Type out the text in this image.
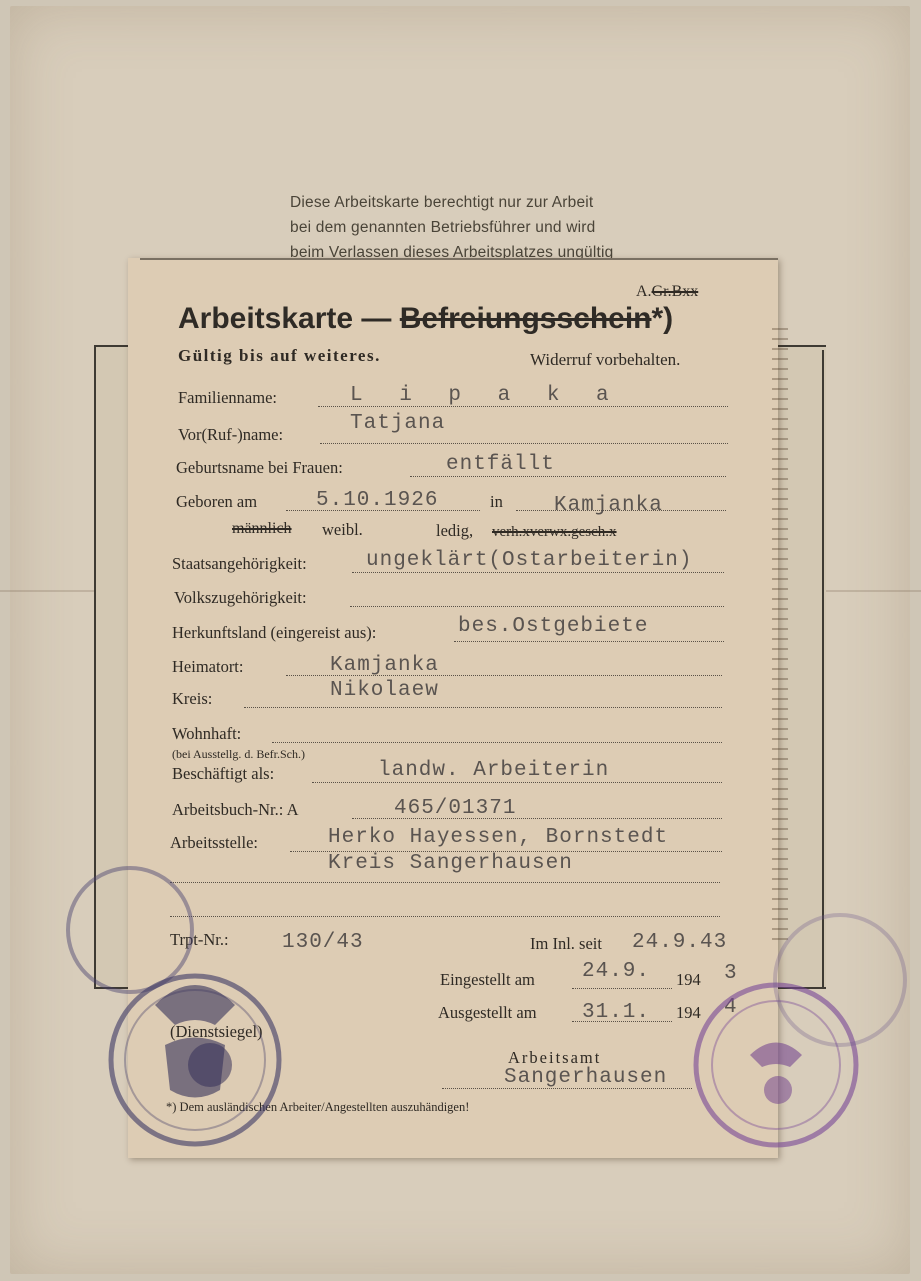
Diese Arbeitskarte berechtigt nur zur Arbeit
bei dem genannten Betriebsführer und wird
A.Gr.Bxx
Arbeitskarte — Befreiungsschein*)
Gültig bis auf weiteres.	Widerruf vorbehalten.
Familienname:	L i p a k a
Vor(Ruf-)name:	Tatjana
Geburtsname bei Frauen:	entfällt
Geboren am	5.10.1926	in Kamjanka
männlich weibl.	ledig, verh.xverwx.gesch.x
Staatsangehörigkeit:	ungeklärt(Ostarbeiterin)
Volkszugehörigkeit:
Herkunftsland (eingereist aus):	bes.Ostgebiete
Heimatort:	Kamjanka
Kreis:	Nikolaew
Wohnhaft:
(bei Ausstellg. d. Befr.Sch.)
Beschäftigt als:	landw. Arbeiterin
Arbeitsbuch-Nr.: A	465/01371
Arbeitsstelle:	Herko Hayessen, Bornstedt
Kreis Sangerhausen
Trpt-Nr.:	130/43	Im Inl. seit 24.9.43
Eingestellt am 24.9. 194 3
Ausgestellt am 31.1. 194 4
(Dienstsiegel)
Arbeitsamt
Sangerhausen
*) Dem ausländischen Arbeiter/Angestellten auszuhändigen!
